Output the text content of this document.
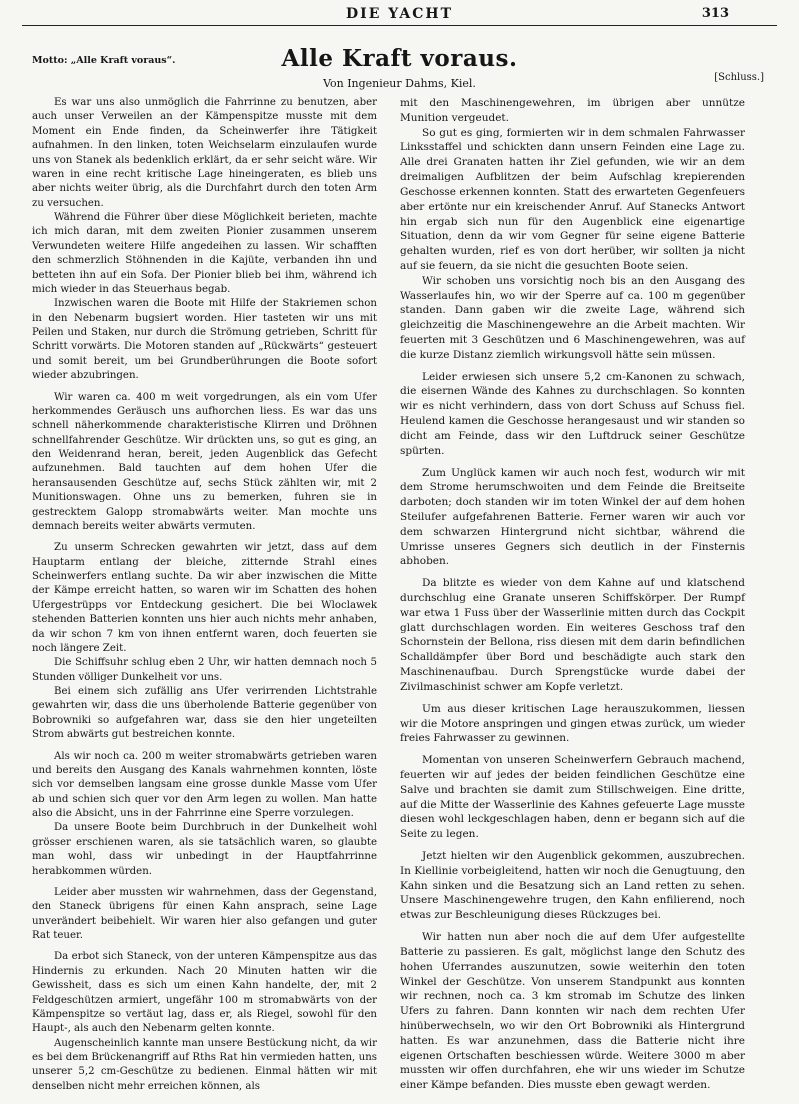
DIE YACHT	313
Motto: „Alle Kraft voraus“.	Alle Kraft voraus.
Von Ingenieur Dahms, Kiel.	[Schluss.]

Es war uns also unmöglich die Fahrrinne zu benutzen, aber auch unser Verweilen an der Kämpenspitze musste mit dem Moment ein Ende finden, da Scheinwerfer ihre Tätigkeit aufnahmen. In den linken, toten Weichselarm einzulaufen wurde uns von Stanek als bedenklich erklärt, da er sehr seicht wäre. Wir waren in eine recht kritische Lage hineingeraten, es blieb uns aber nichts weiter übrig, als die Durchfahrt durch den toten Arm zu versuchen.

Während die Führer über diese Möglichkeit berieten, machte ich mich daran, mit dem zweiten Pionier zusammen unserem Verwundeten weitere Hilfe angedeihen zu lassen. Wir schafften den schmerzlich Stöhnenden in die Kajüte, verbanden ihn und betteten ihn auf ein Sofa. Der Pionier blieb bei ihm, während ich mich wieder in das Steuerhaus begab.

Inzwischen waren die Boote mit Hilfe der Stakriemen schon in den Nebenarm bugsiert worden. Hier tasteten wir uns mit Peilen und Staken, nur durch die Strömung getrieben, Schritt für Schritt vorwärts. Die Motoren standen auf „Rückwärts“ gesteuert und somit bereit, um bei Grundberührungen die Boote sofort wieder abzubringen.

Wir waren ca. 400 m weit vorgedrungen, als ein vom Ufer herkommendes Geräusch uns aufhorchen liess. Es war das uns schnell näherkommende charakteristische Klirren und Dröhnen schnellfahrender Geschütze. Wir drückten uns, so gut es ging, an den Weidenrand heran, bereit, jeden Augenblick das Gefecht aufzunehmen. Bald tauchten auf dem hohen Ufer die heransausenden Geschütze auf, sechs Stück zählten wir, mit 2 Munitionswagen. Ohne uns zu bemerken, fuhren sie in gestrecktem Galopp stromabwärts weiter. Man mochte uns demnach bereits weiter abwärts vermuten.

Zu unserm Schrecken gewahrten wir jetzt, dass auf dem Hauptarm entlang der bleiche, zitternde Strahl eines Scheinwerfers entlang suchte. Da wir aber inzwischen die Mitte der Kämpe erreicht hatten, so waren wir im Schatten des hohen Ufergestrüpps vor Entdeckung gesichert. Die bei Wloclawek stehenden Batterien konnten uns hier auch nichts mehr anhaben, da wir schon 7 km von ihnen entfernt waren, doch feuerten sie noch längere Zeit.

Die Schiffsuhr schlug eben 2 Uhr, wir hatten demnach noch 5 Stunden völliger Dunkelheit vor uns.

Bei einem sich zufällig ans Ufer verirrenden Lichtstrahle gewahrten wir, dass die uns überholende Batterie gegenüber von Bobrowniki so aufgefahren war, dass sie den hier ungeteilten Strom abwärts gut bestreichen konnte.

Als wir noch ca. 200 m weiter stromabwärts getrieben waren und bereits den Ausgang des Kanals wahrnehmen konnten, löste sich vor demselben langsam eine grosse dunkle Masse vom Ufer ab und schien sich quer vor den Arm legen zu wollen. Man hatte also die Absicht, uns in der Fahrrinne eine Sperre vorzulegen.

Da unsere Boote beim Durchbruch in der Dunkelheit wohl grösser erschienen waren, als sie tatsächlich waren, so glaubte man wohl, dass wir unbedingt in der Hauptfahrrinne herabkommen würden.

Leider aber mussten wir wahrnehmen, dass der Gegenstand, den Staneck übrigens für einen Kahn ansprach, seine Lage unverändert beibehielt. Wir waren hier also gefangen und guter Rat teuer.

Da erbot sich Staneck, von der unteren Kämpenspitze aus das Hindernis zu erkunden. Nach 20 Minuten hatten wir die Gewissheit, dass es sich um einen Kahn handelte, der, mit 2 Feldgeschützen armiert, ungefähr 100 m stromabwärts von der Kämpenspitze so vertäut lag, dass er, als Riegel, sowohl für den Haupt-, als auch den Nebenarm gelten konnte.

Augenscheinlich kannte man unsere Bestückung nicht, da wir es bei dem Brückenangriff auf Rths Rat hin vermieden hatten, uns unserer 5,2 cm-Geschütze zu bedienen. Einmal hätten wir mit denselben nicht mehr erreichen können, als

mit den Maschinengewehren, im übrigen aber unnütze Munition vergeudet.

So gut es ging, formierten wir in dem schmalen Fahrwasser Linksstaffel und schickten dann unsern Feinden eine Lage zu. Alle drei Granaten hatten ihr Ziel gefunden, wie wir an dem dreimaligen Aufblitzen der beim Aufschlag krepierenden Geschosse erkennen konnten. Statt des erwarteten Gegenfeuers aber ertönte nur ein kreischender Anruf. Auf Stanecks Antwort hin ergab sich nun für den Augenblick eine eigenartige Situation, denn da wir vom Gegner für seine eigene Batterie gehalten wurden, rief es von dort herüber, wir sollten ja nicht auf sie feuern, da sie nicht die gesuchten Boote seien.

Wir schoben uns vorsichtig noch bis an den Ausgang des Wasserlaufes hin, wo wir der Sperre auf ca. 100 m gegenüber standen. Dann gaben wir die zweite Lage, während sich gleichzeitig die Maschinengewehre an die Arbeit machten. Wir feuerten mit 3 Geschützen und 6 Maschinengewehren, was auf die kurze Distanz ziemlich wirkungsvoll hätte sein müssen.

Leider erwiesen sich unsere 5,2 cm-Kanonen zu schwach, die eisernen Wände des Kahnes zu durchschlagen. So konnten wir es nicht verhindern, dass von dort Schuss auf Schuss fiel. Heulend kamen die Geschosse herangesaust und wir standen so dicht am Feinde, dass wir den Luftdruck seiner Geschütze spürten.

Zum Unglück kamen wir auch noch fest, wodurch wir mit dem Strome herumschwoiten und dem Feinde die Breitseite darboten; doch standen wir im toten Winkel der auf dem hohen Steilufer aufgefahrenen Batterie. Ferner waren wir auch vor dem schwarzen Hintergrund nicht sichtbar, während die Umrisse unseres Gegners sich deutlich in der Finsternis abhoben.

Da blitzte es wieder von dem Kahne auf und klatschend durchschlug eine Granate unseren Schiffskörper. Der Rumpf war etwa 1 Fuss über der Wasserlinie mitten durch das Cockpit glatt durchschlagen worden. Ein weiteres Geschoss traf den Schornstein der Bellona, riss diesen mit dem darin befindlichen Schalldämpfer über Bord und beschädigte auch stark den Maschinenaufbau. Durch Sprengstücke wurde dabei der Zivilmaschinist schwer am Kopfe verletzt.

Um aus dieser kritischen Lage herauszukommen, liessen wir die Motore anspringen und gingen etwas zurück, um wieder freies Fahrwasser zu gewinnen.

Momentan von unseren Scheinwerfern Gebrauch machend, feuerten wir auf jedes der beiden feindlichen Geschütze eine Salve und brachten sie damit zum Stillschweigen. Eine dritte, auf die Mitte der Wasserlinie des Kahnes gefeuerte Lage musste diesen wohl leckgeschlagen haben, denn er begann sich auf die Seite zu legen.

Jetzt hielten wir den Augenblick gekommen, auszubrechen. In Kiellinie vorbeigleitend, hatten wir noch die Genugtuung, den Kahn sinken und die Besatzung sich an Land retten zu sehen. Unsere Maschinengewehre trugen, den Kahn enfilierend, noch etwas zur Beschleunigung dieses Rückzuges bei.

Wir hatten nun aber noch die auf dem Ufer aufgestellte Batterie zu passieren. Es galt, möglichst lange den Schutz des hohen Uferrandes auszunutzen, sowie weiterhin den toten Winkel der Geschütze. Von unserem Standpunkt aus konnten wir rechnen, noch ca. 3 km stromab im Schutze des linken Ufers zu fahren. Dann konnten wir nach dem rechten Ufer hinüberwechseln, wo wir den Ort Bobrowniki als Hintergrund hatten. Es war anzunehmen, dass die Batterie nicht ihre eigenen Ortschaften beschiessen würde. Weitere 3000 m aber mussten wir offen durchfahren, ehe wir uns wieder im Schutze einer Kämpe befanden. Dies musste eben gewagt werden.
